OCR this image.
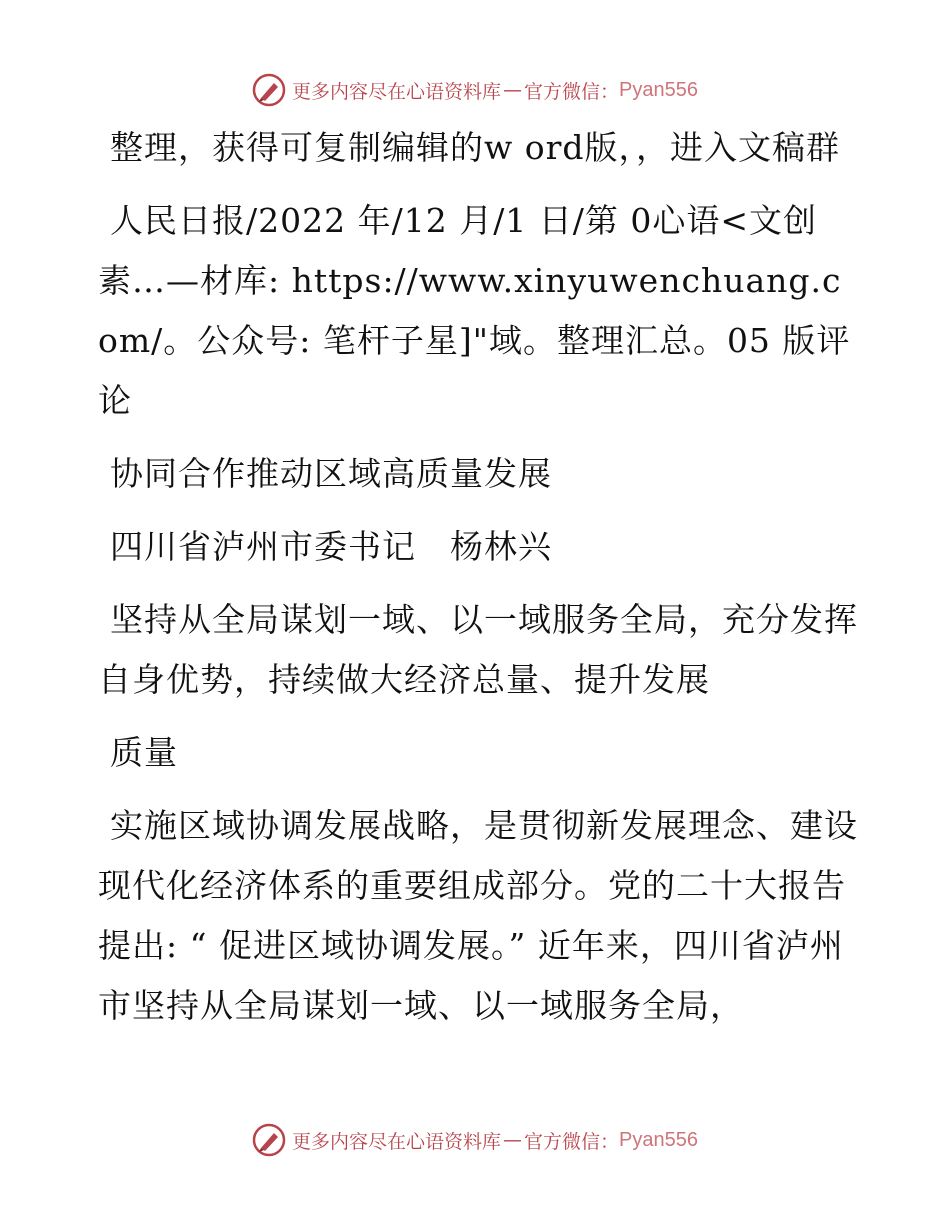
更多内容尽在心语资料库 — 官方微信： Pyan556

整理，获得可复制编辑的w ord版，，进入文稿群

人民日报/2022 年/12 月/1 日/第 0心语<文创素…—材库: https://www.xinyuwenchuang.com/。公众号: 笔杆子星]"域。整理汇总。05 版评论

协同合作推动区域高质量发展

四川省泸州市委书记　杨林兴

坚持从全局谋划一域、以一域服务全局，充分发挥自身优势，持续做大经济总量、提升发展

质量

实施区域协调发展战略，是贯彻新发展理念、建设现代化经济体系的重要组成部分。党的二十大报告提出: “ 促进区域协调发展。” 近年来，四川省泸州市坚持从全局谋划一域、以一域服务全局，

更多内容尽在心语资料库 — 官方微信： Pyan556
